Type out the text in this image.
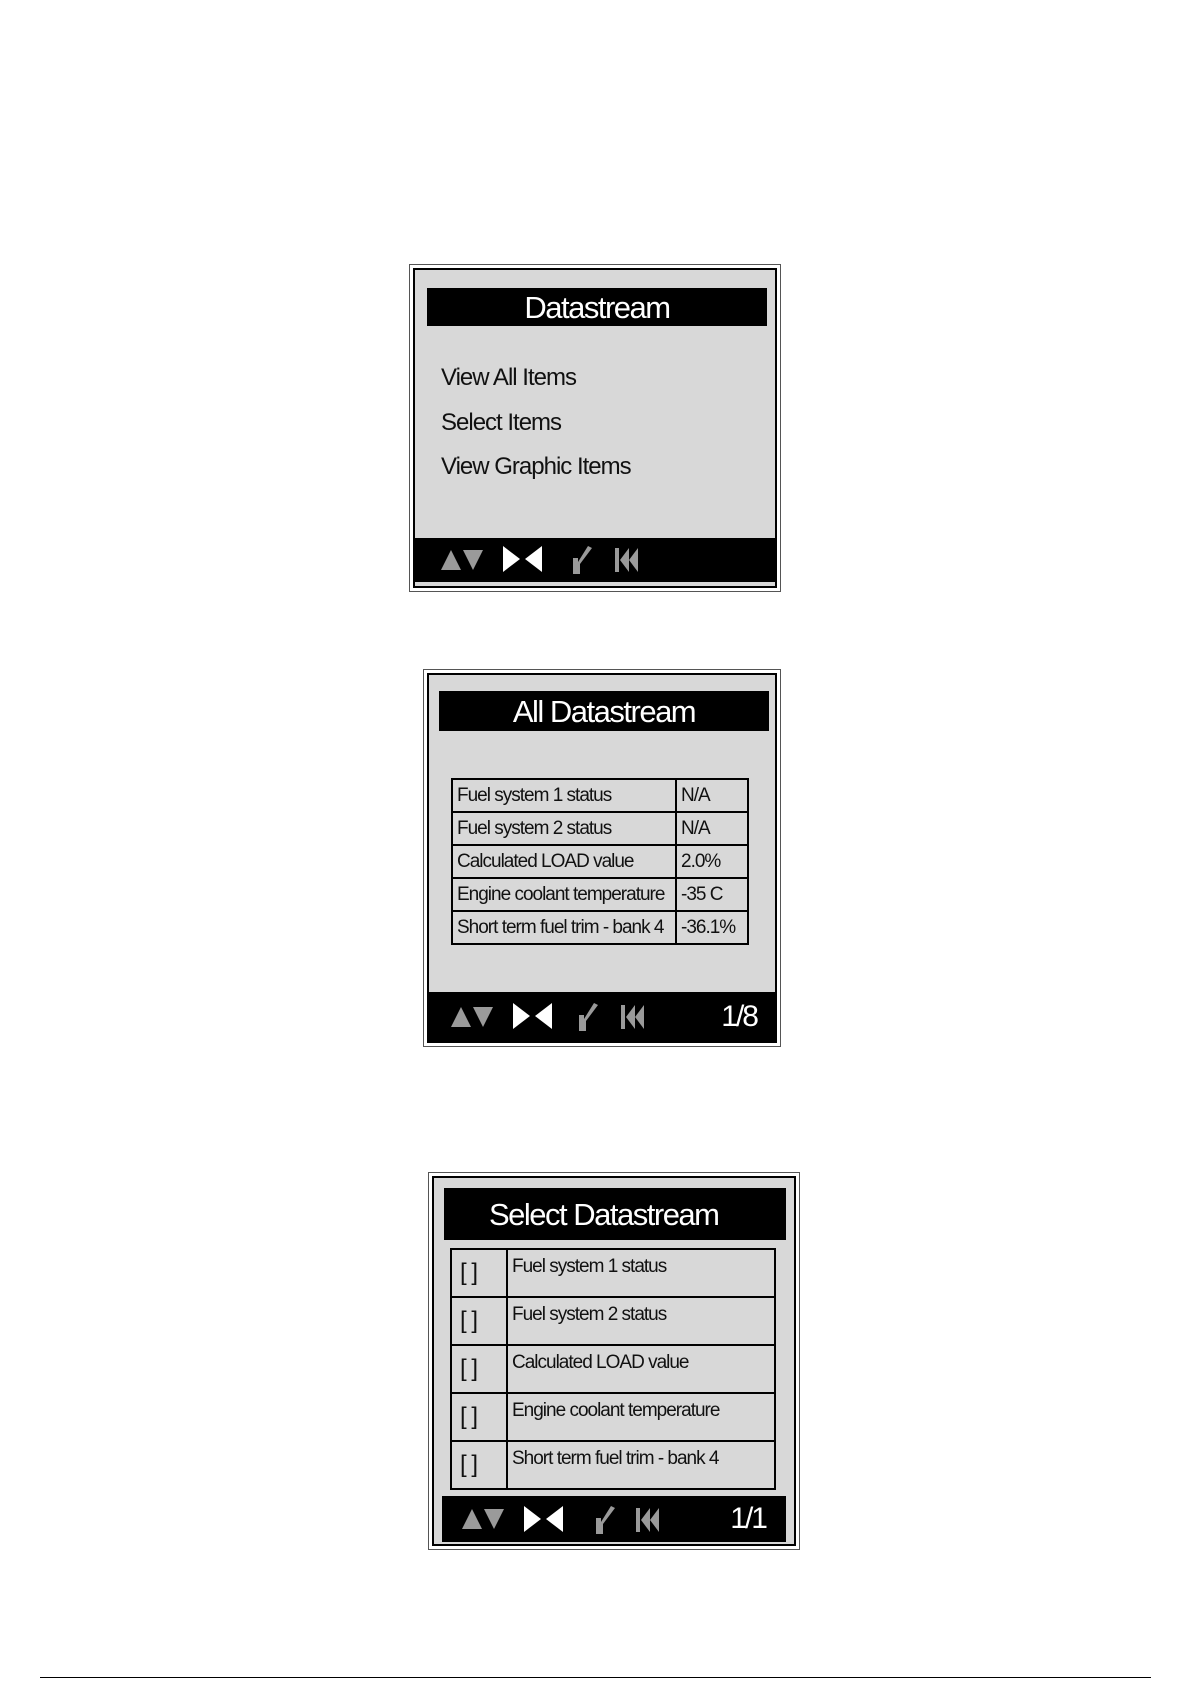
Datastream
View All Items
Select Items
View Graphic Items
All Datastream
Fuel system 1 status	N/A
Fuel system 2 status	N/A
Calculated LOAD value	2.0%
Engine coolant temperature	-35 C
Short term fuel trim - bank 4	-36.1%
1/8
Select Datastream
[ ]	Fuel system 1 status
[ ]	Fuel system 2 status
[ ]	Calculated LOAD value
[ ]	Engine coolant temperature
[ ]	Short term fuel trim - bank 4
1/1
